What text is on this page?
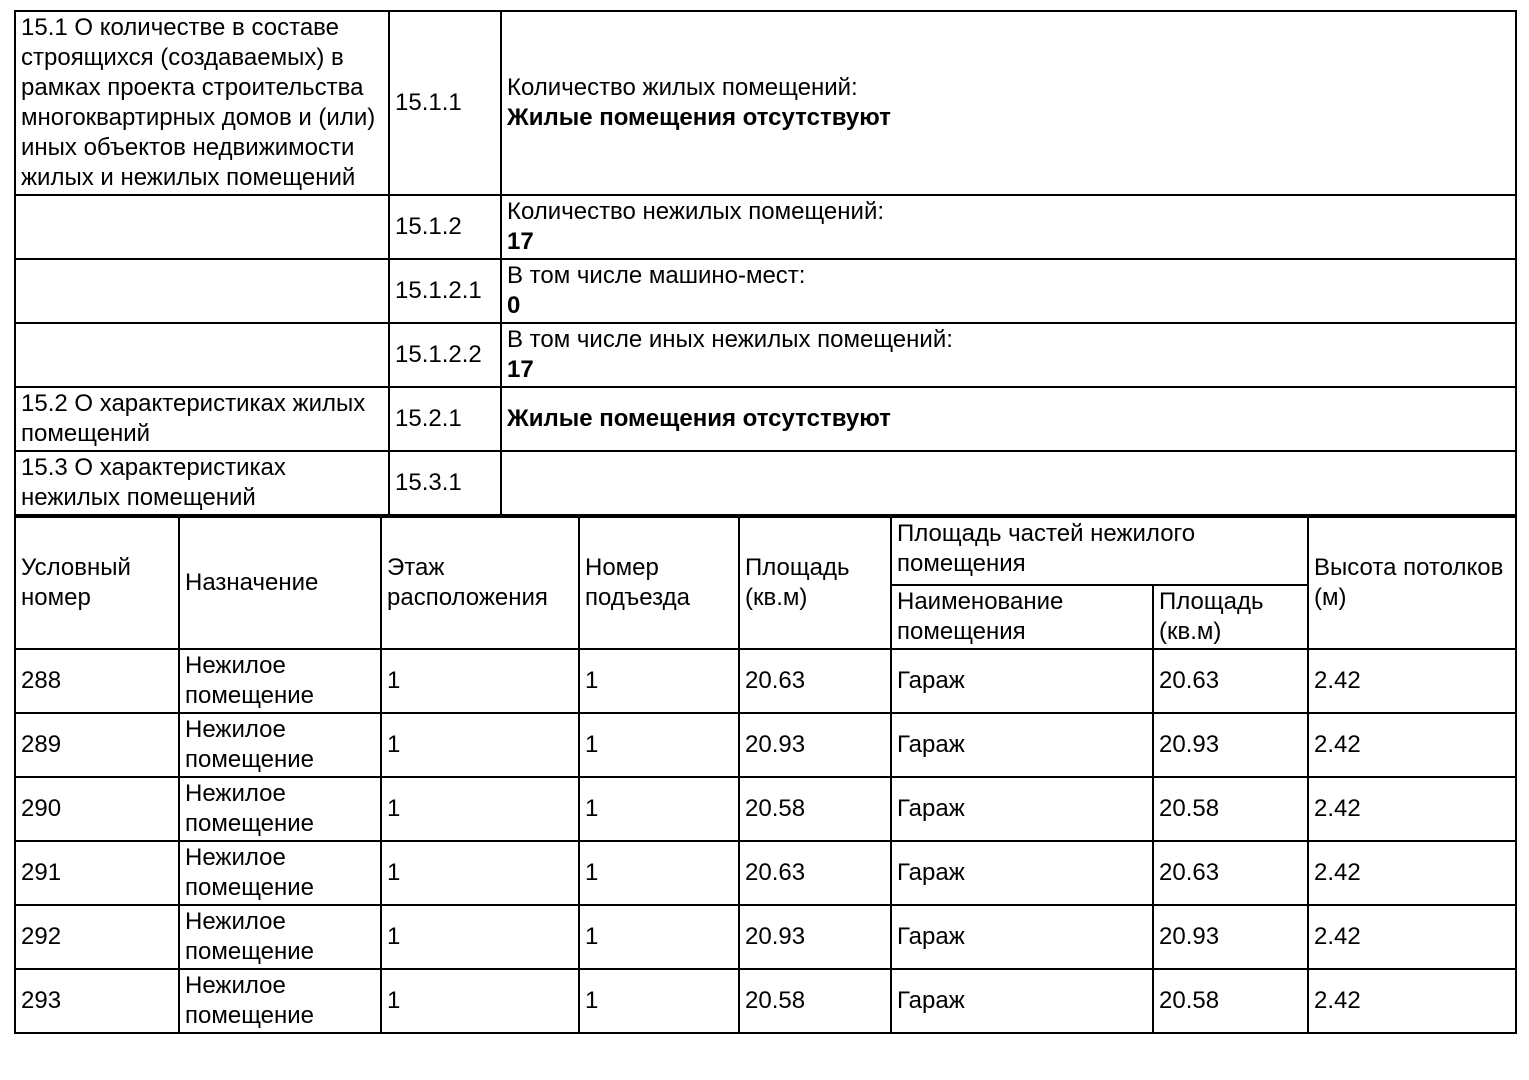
15.1 О количестве в составе строящихся (создаваемых) в рамках проекта строительства многоквартирных домов и (или) иных объектов недвижимости жилых и нежилых помещений	15.1.1	Количество жилых помещений:
Жилые помещения отсутствуют

	15.1.2	Количество нежилых помещений:
17

	15.1.2.1	В том числе машино-мест:
0

	15.1.2.2	В том числе иных нежилых помещений:
17

15.2 О характеристиках жилых помещений	15.2.1	Жилые помещения отсутствуют

15.3 О характеристиках нежилых помещений	15.3.1	
Условный номер	Назначение	Этаж расположения	Номер подъезда	Площадь (кв.м)	Площадь частей нежилого помещения		Высота потолков (м)
					Наименование помещения	Площадь (кв.м)	
288	Нежилое помещение	1	1	20.63	Гараж	20.63	2.42
289	Нежилое помещение	1	1	20.93	Гараж	20.93	2.42
290	Нежилое помещение	1	1	20.58	Гараж	20.58	2.42
291	Нежилое помещение	1	1	20.63	Гараж	20.63	2.42
292	Нежилое помещение	1	1	20.93	Гараж	20.93	2.42
293	Нежилое помещение	1	1	20.58	Гараж	20.58	2.42
